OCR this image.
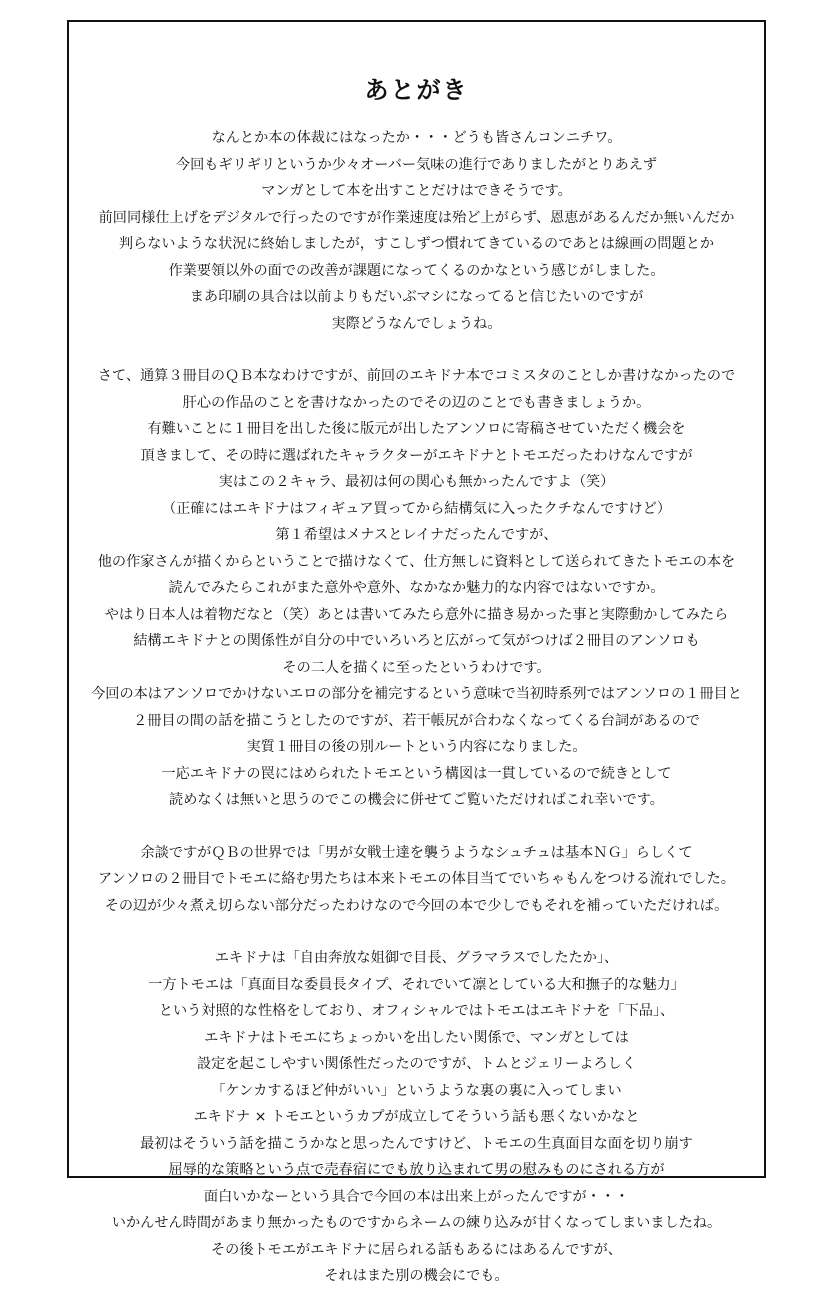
あとがき
なんとか本の体裁にはなったか・・・どうも皆さんコンニチワ。
今回もギリギリというか少々オーバー気味の進行でありましたがとりあえず
マンガとして本を出すことだけはできそうです。
前回同様仕上げをデジタルで行ったのですが作業速度は殆ど上がらず、恩恵があるんだか無いんだか
判らないような状況に終始しましたが，すこしずつ慣れてきているのであとは線画の問題とか
作業要領以外の面での改善が課題になってくるのかなという感じがしました。
まあ印刷の具合は以前よりもだいぶマシになってると信じたいのですが
実際どうなんでしょうね。
さて、通算３冊目のＱＢ本なわけですが、前回のエキドナ本でコミスタのことしか書けなかったので
肝心の作品のことを書けなかったのでその辺のことでも書きましょうか。
有難いことに１冊目を出した後に版元が出したアンソロに寄稿させていただく機会を
頂きまして、その時に選ばれたキャラクターがエキドナとトモエだったわけなんですが
実はこの２キャラ、最初は何の関心も無かったんですよ（笑）
（正確にはエキドナはフィギュア買ってから結構気に入ったクチなんですけど）
第１希望はメナスとレイナだったんですが、
他の作家さんが描くからということで描けなくて、仕方無しに資料として送られてきたトモエの本を
読んでみたらこれがまた意外や意外、なかなか魅力的な内容ではないですか。
やはり日本人は着物だなと（笑）あとは書いてみたら意外に描き易かった事と実際動かしてみたら
結構エキドナとの関係性が自分の中でいろいろと広がって気がつけば２冊目のアンソロも
その二人を描くに至ったというわけです。
今回の本はアンソロでかけないエロの部分を補完するという意味で当初時系列ではアンソロの１冊目と
２冊目の間の話を描こうとしたのですが、若干帳尻が合わなくなってくる台詞があるので
実質１冊目の後の別ルートという内容になりました。
一応エキドナの罠にはめられたトモエという構図は一貫しているので続きとして
読めなくは無いと思うのでこの機会に併せてご覧いただければこれ幸いです。
余談ですがＱＢの世界では「男が女戦士達を襲うようなシュチュは基本ＮＧ」らしくて
アンソロの２冊目でトモエに絡む男たちは本来トモエの体目当てでいちゃもんをつける流れでした。
その辺が少々煮え切らない部分だったわけなので今回の本で少しでもそれを補っていただければ。
エキドナは「自由奔放な姐御で目長、グラマラスでしたたか」、
一方トモエは「真面目な委員長タイプ、それでいて凛としている大和撫子的な魅力」
という対照的な性格をしており、オフィシャルではトモエはエキドナを「下品」、
エキドナはトモエにちょっかいを出したい関係で、マンガとしては
設定を起こしやすい関係性だったのですが、トムとジェリーよろしく
「ケンカするほど仲がいい」というような裏の裏に入ってしまい
エキドナ × トモエというカプが成立してそういう話も悪くないかなと
最初はそういう話を描こうかなと思ったんですけど、トモエの生真面目な面を切り崩す
屈辱的な策略という点で売春宿にでも放り込まれて男の慰みものにされる方が
面白いかなーという具合で今回の本は出来上がったんですが・・・
いかんせん時間があまり無かったものですからネームの練り込みが甘くなってしまいましたね。
その後トモエがエキドナに居られる話もあるにはあるんですが、
それはまた別の機会にでも。
